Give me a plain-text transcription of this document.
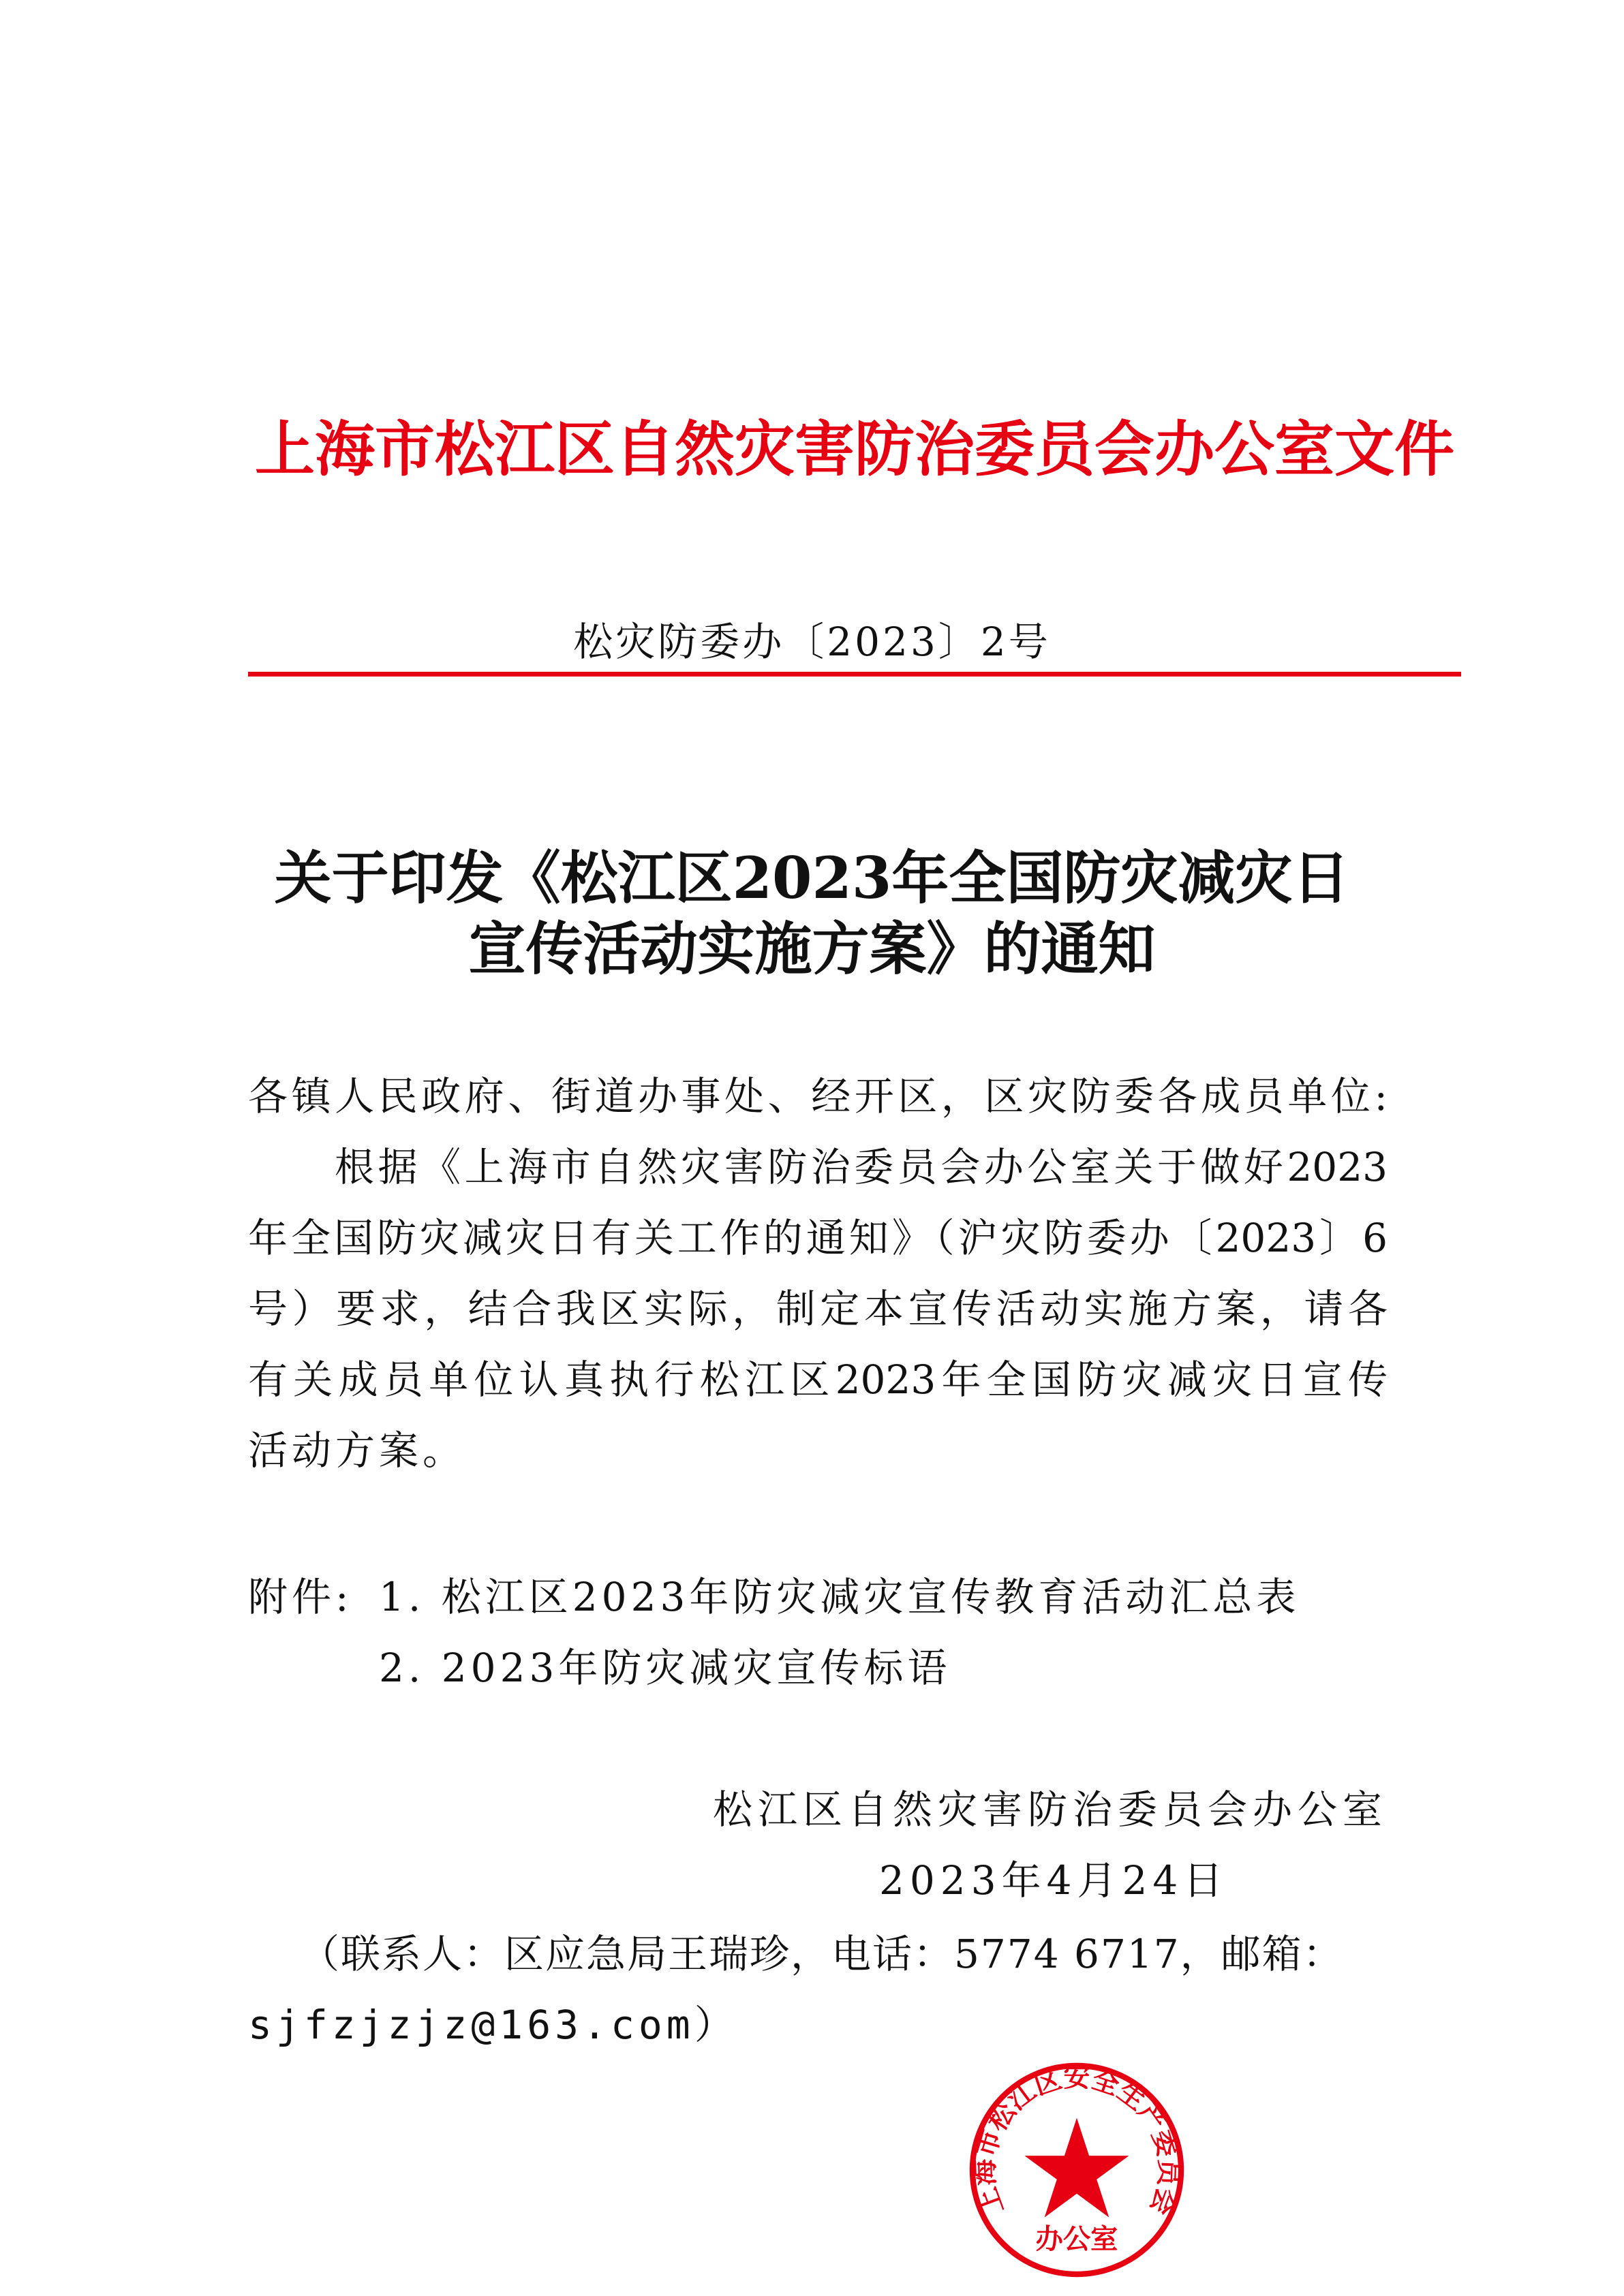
上海市松江区自然灾害防治委员会办公室文件
松灾防委办〔2023〕2号
关于印发《松江区2023年全国防灾减灾日
宣传活动实施方案》的通知
各镇人民政府、街道办事处、经开区，区灾防委各成员单位:
　　根据《上海市自然灾害防治委员会办公室关于做好2023
年全国防灾减灾日有关工作的通知》（沪灾防委办〔2023〕6
号）要求，结合我区实际，制定本宣传活动实施方案，请各
有关成员单位认真执行松江区2023年全国防灾减灾日宣传
活动方案。
附件: 1. 松江区2023年防灾减灾宣传教育活动汇总表
2. 2023年防灾减灾宣传标语
松江区自然灾害防治委员会办公室
2023年4月24日
（联系人：区应急局王瑞珍，电话：5774 6717，邮箱：
sjfzjzjz@163.com）
上海市松江区安全生产委员会
办公室
